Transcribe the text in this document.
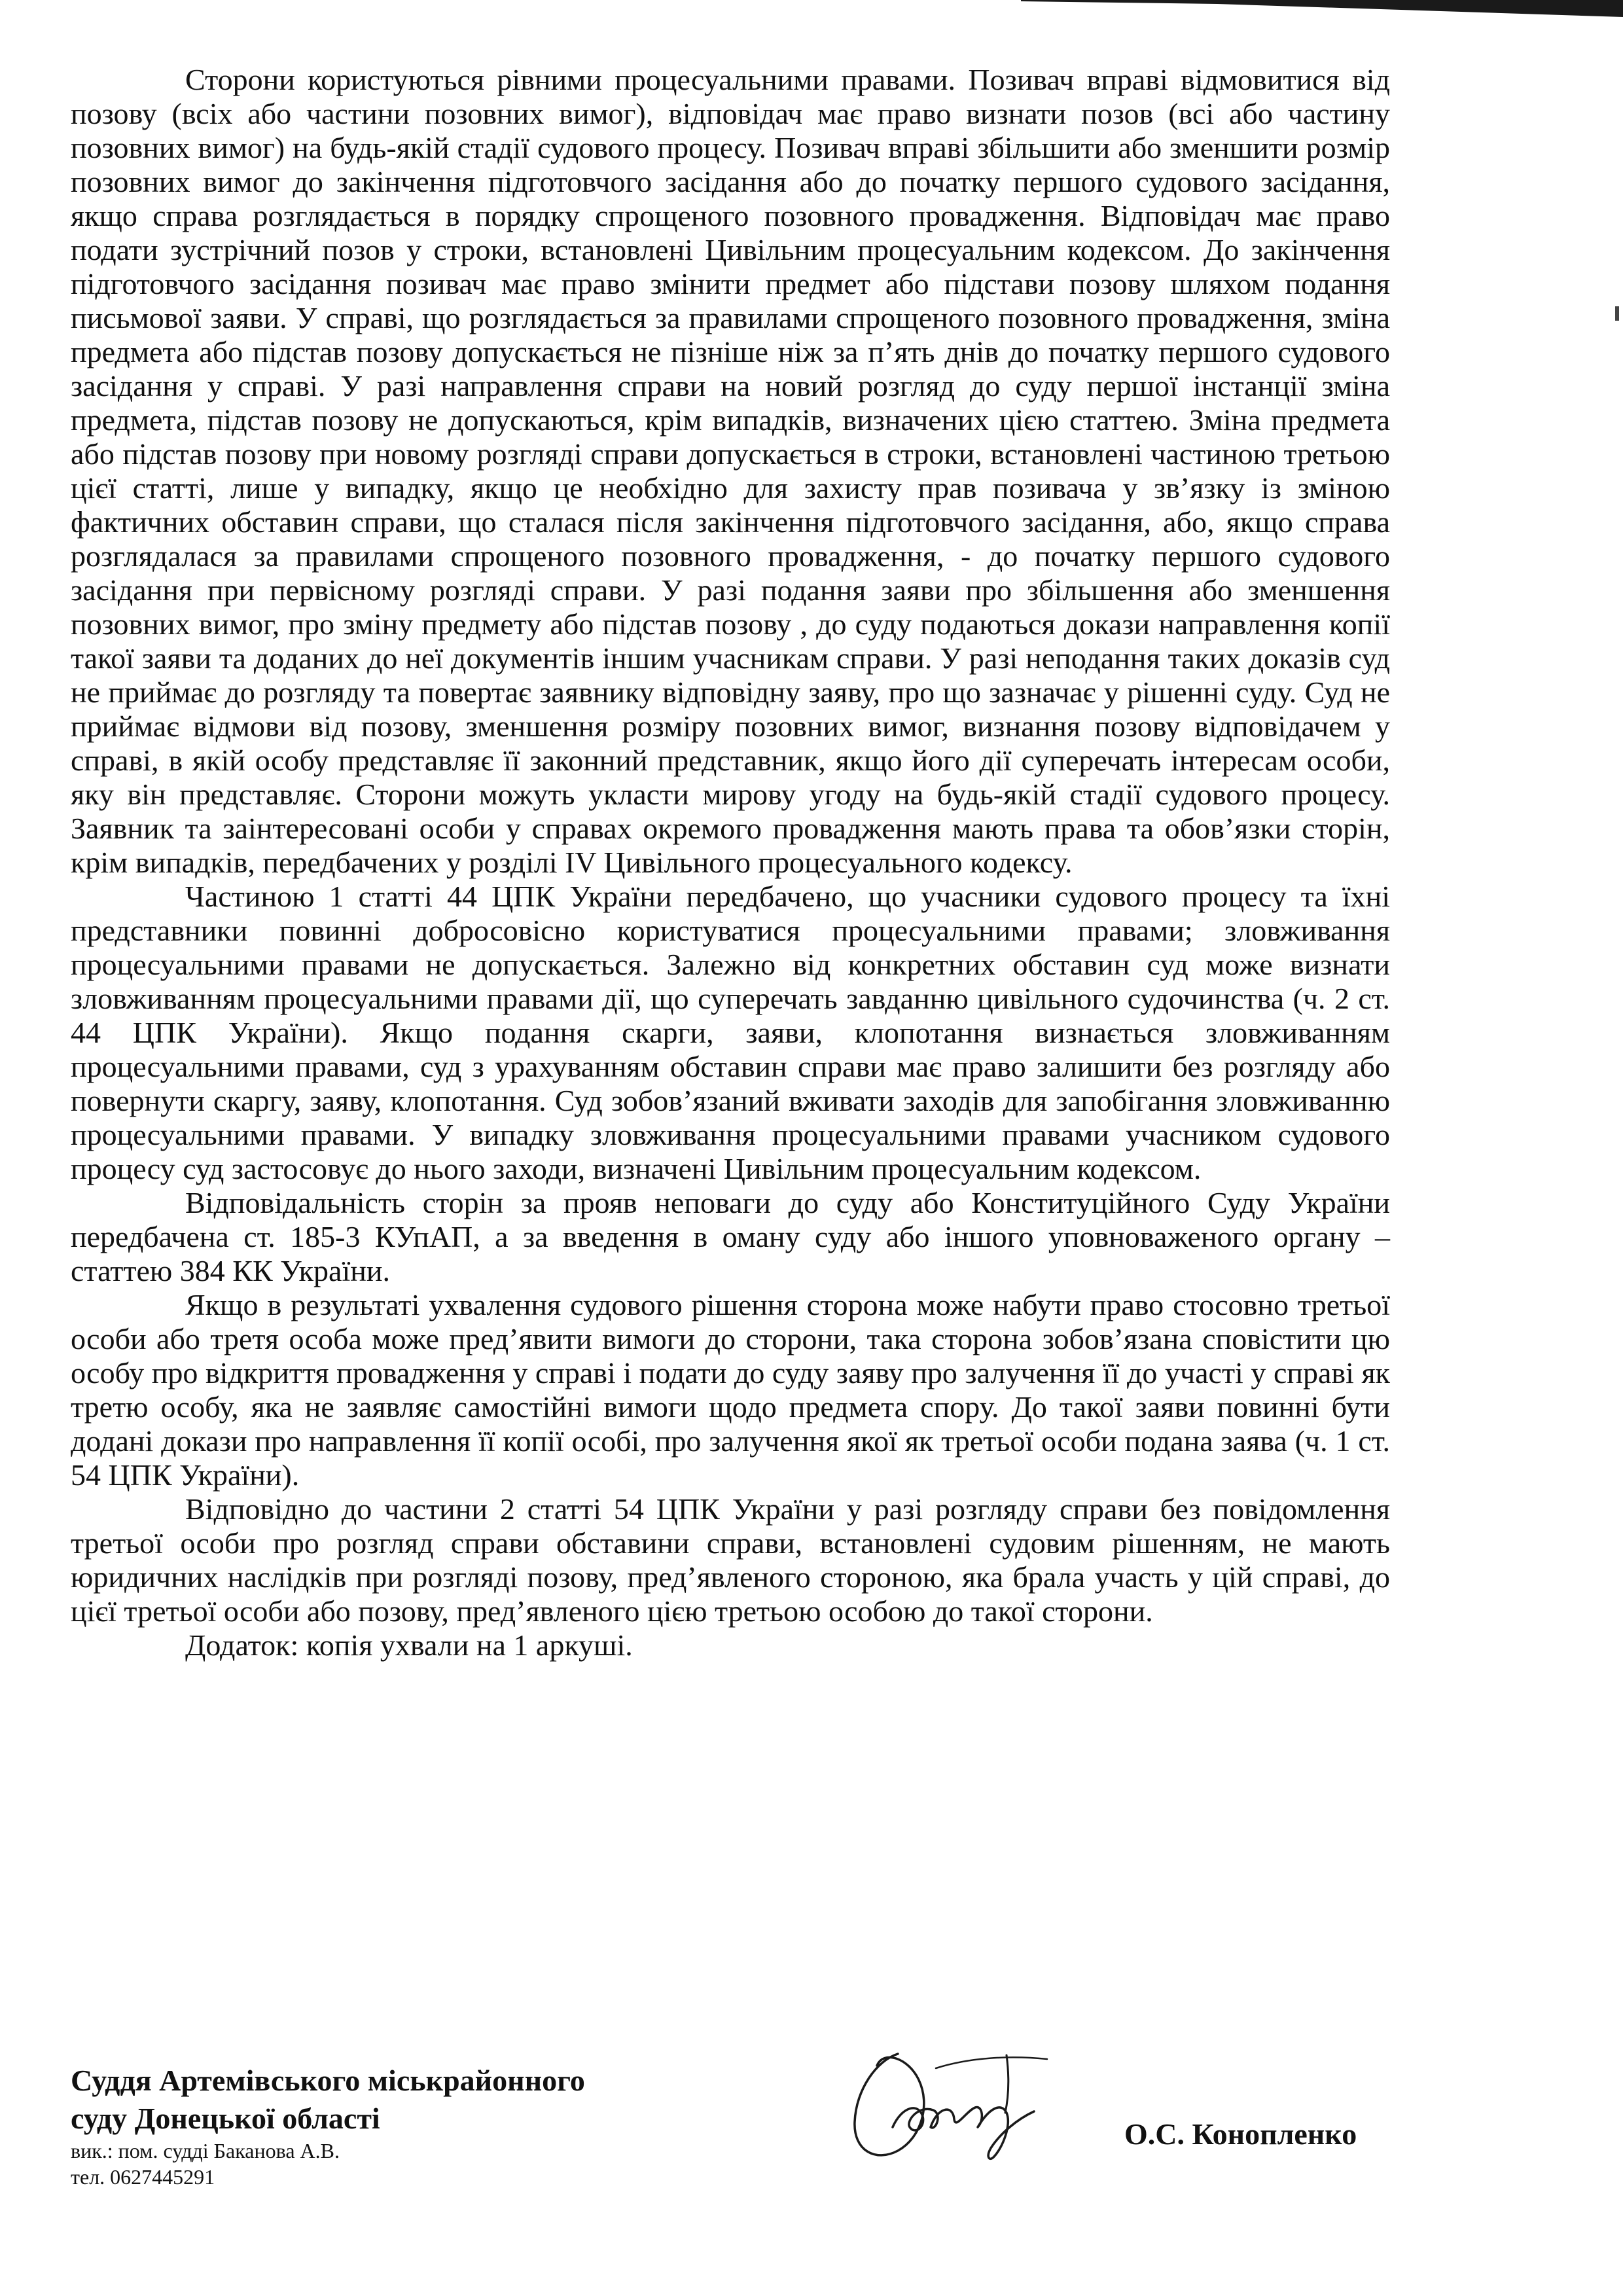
Сторони користуються рівними процесуальними правами. Позивач вправі відмовитися від позову (всіх або частини позовних вимог), відповідач має право визнати позов (всі або частину позовних вимог) на будь-якій стадії судового процесу. Позивач вправі збільшити або зменшити розмір позовних вимог до закінчення підготовчого засідання або до початку першого судового засідання, якщо справа розглядається в порядку спрощеного позовного провадження. Відповідач має право подати зустрічний позов у строки, встановлені Цивільним процесуальним кодексом. До закінчення підготовчого засідання позивач має право змінити предмет або підстави позову шляхом подання письмової заяви. У справі, що розглядається за правилами спрощеного позовного провадження, зміна предмета або підстав позову допускається не пізніше ніж за п’ять днів до початку першого судового засідання у справі. У разі направлення справи на новий розгляд до суду першої інстанції зміна предмета, підстав позову не допускаються, крім випадків, визначених цією статтею. Зміна предмета або підстав позову при новому розгляді справи допускається в строки, встановлені частиною третьою цієї статті, лише у випадку, якщо це необхідно для захисту прав позивача у зв’язку із зміною фактичних обставин справи, що сталася після закінчення підготовчого засідання, або, якщо справа розглядалася за правилами спрощеного позовного провадження, - до початку першого судового засідання при первісному розгляді справи. У разі подання заяви про збільшення або зменшення позовних вимог, про зміну предмету або підстав позову , до суду подаються докази направлення копії такої заяви та доданих до неї документів іншим учасникам справи. У разі неподання таких доказів суд не приймає до розгляду та повертає заявнику відповідну заяву, про що зазначає у рішенні суду. Суд не приймає відмови від позову, зменшення розміру позовних вимог, визнання позову відповідачем у справі, в якій особу представляє її законний представник, якщо його дії суперечать інтересам особи, яку він представляє. Сторони можуть укласти мирову угоду на будь-якій стадії судового процесу. Заявник та заінтересовані особи у справах окремого провадження мають права та обов’язки сторін, крім випадків, передбачених у розділі IV Цивільного процесуального кодексу.

Частиною 1 статті 44 ЦПК України передбачено, що учасники судового процесу та їхні представники повинні добросовісно користуватися процесуальними правами; зловживання процесуальними правами не допускається. Залежно від конкретних обставин суд може визнати зловживанням процесуальними правами дії, що суперечать завданню цивільного судочинства (ч. 2 ст. 44 ЦПК України). Якщо подання скарги, заяви, клопотання визнається зловживанням процесуальними правами, суд з урахуванням обставин справи має право залишити без розгляду або повернути скаргу, заяву, клопотання. Суд зобов’язаний вживати заходів для запобігання зловживанню процесуальними правами. У випадку зловживання процесуальними правами учасником судового процесу суд застосовує до нього заходи, визначені Цивільним процесуальним кодексом.

Відповідальність сторін за прояв неповаги до суду або Конституційного Суду України передбачена ст. 185-3 КУпАП, а за введення в оману суду або іншого уповноваженого органу – статтею 384 КК України.

Якщо в результаті ухвалення судового рішення сторона може набути право стосовно третьої особи або третя особа може пред’явити вимоги до сторони, така сторона зобов’язана сповістити цю особу про відкриття провадження у справі і подати до суду заяву про залучення її до участі у справі як третю особу, яка не заявляє самостійні вимоги щодо предмета спору. До такої заяви повинні бути додані докази про направлення її копії особі, про залучення якої як третьої особи подана заява (ч. 1 ст. 54 ЦПК України).

Відповідно до частини 2 статті 54 ЦПК України у разі розгляду справи без повідомлення третьої особи про розгляд справи обставини справи, встановлені судовим рішенням, не мають юридичних наслідків при розгляді позову, пред’явленого стороною, яка брала участь у цій справі, до цієї третьої особи або позову, пред’явленого цією третьою особою до такої сторони.

Додаток: копія ухвали на 1 аркуші.

Суддя Артемівського міськрайонного

суду Донецької області

вик.: пом. судді Баканова А.В.

тел. 0627445291

О.С. Конопленко
